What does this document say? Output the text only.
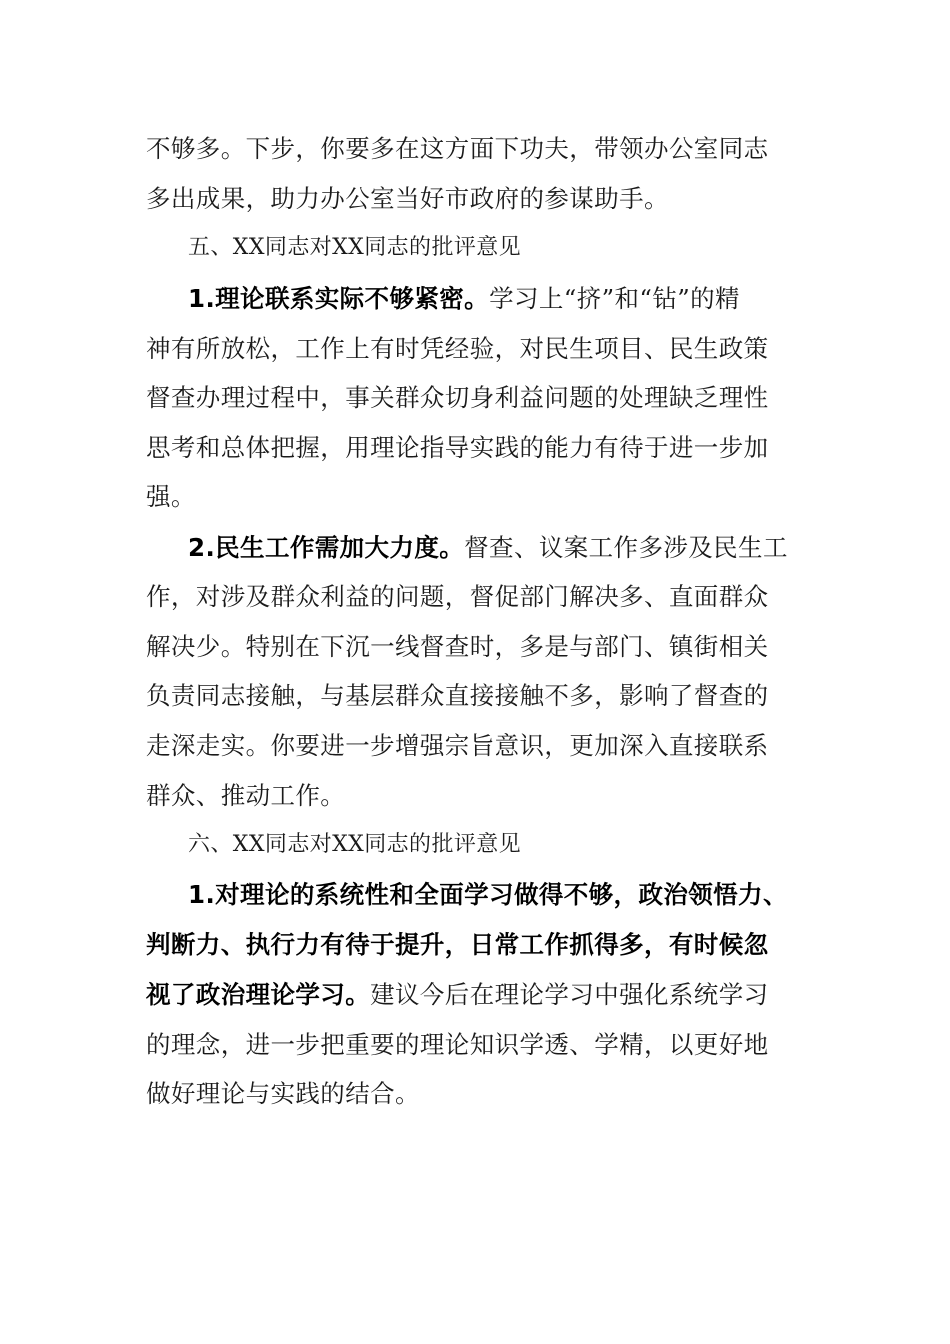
不够多。下步，你要多在这方面下功夫，带领办公室同志
多出成果，助力办公室当好市政府的参谋助手。
五、XX同志对XX同志的批评意见
1.理论联系实际不够紧密。学习上“挤”和“钻”的精
神有所放松，工作上有时凭经验，对民生项目、民生政策
督查办理过程中，事关群众切身利益问题的处理缺乏理性
思考和总体把握，用理论指导实践的能力有待于进一步加
强。
2.民生工作需加大力度。督查、议案工作多涉及民生工
作，对涉及群众利益的问题，督促部门解决多、直面群众
解决少。特别在下沉一线督查时，多是与部门、镇街相关
负责同志接触，与基层群众直接接触不多，影响了督查的
走深走实。你要进一步增强宗旨意识，更加深入直接联系
群众、推动工作。
六、XX同志对XX同志的批评意见
1.对理论的系统性和全面学习做得不够，政治领悟力、
判断力、执行力有待于提升，日常工作抓得多，有时候忽
视了政治理论学习。建议今后在理论学习中强化系统学习
的理念，进一步把重要的理论知识学透、学精，以更好地
做好理论与实践的结合。
